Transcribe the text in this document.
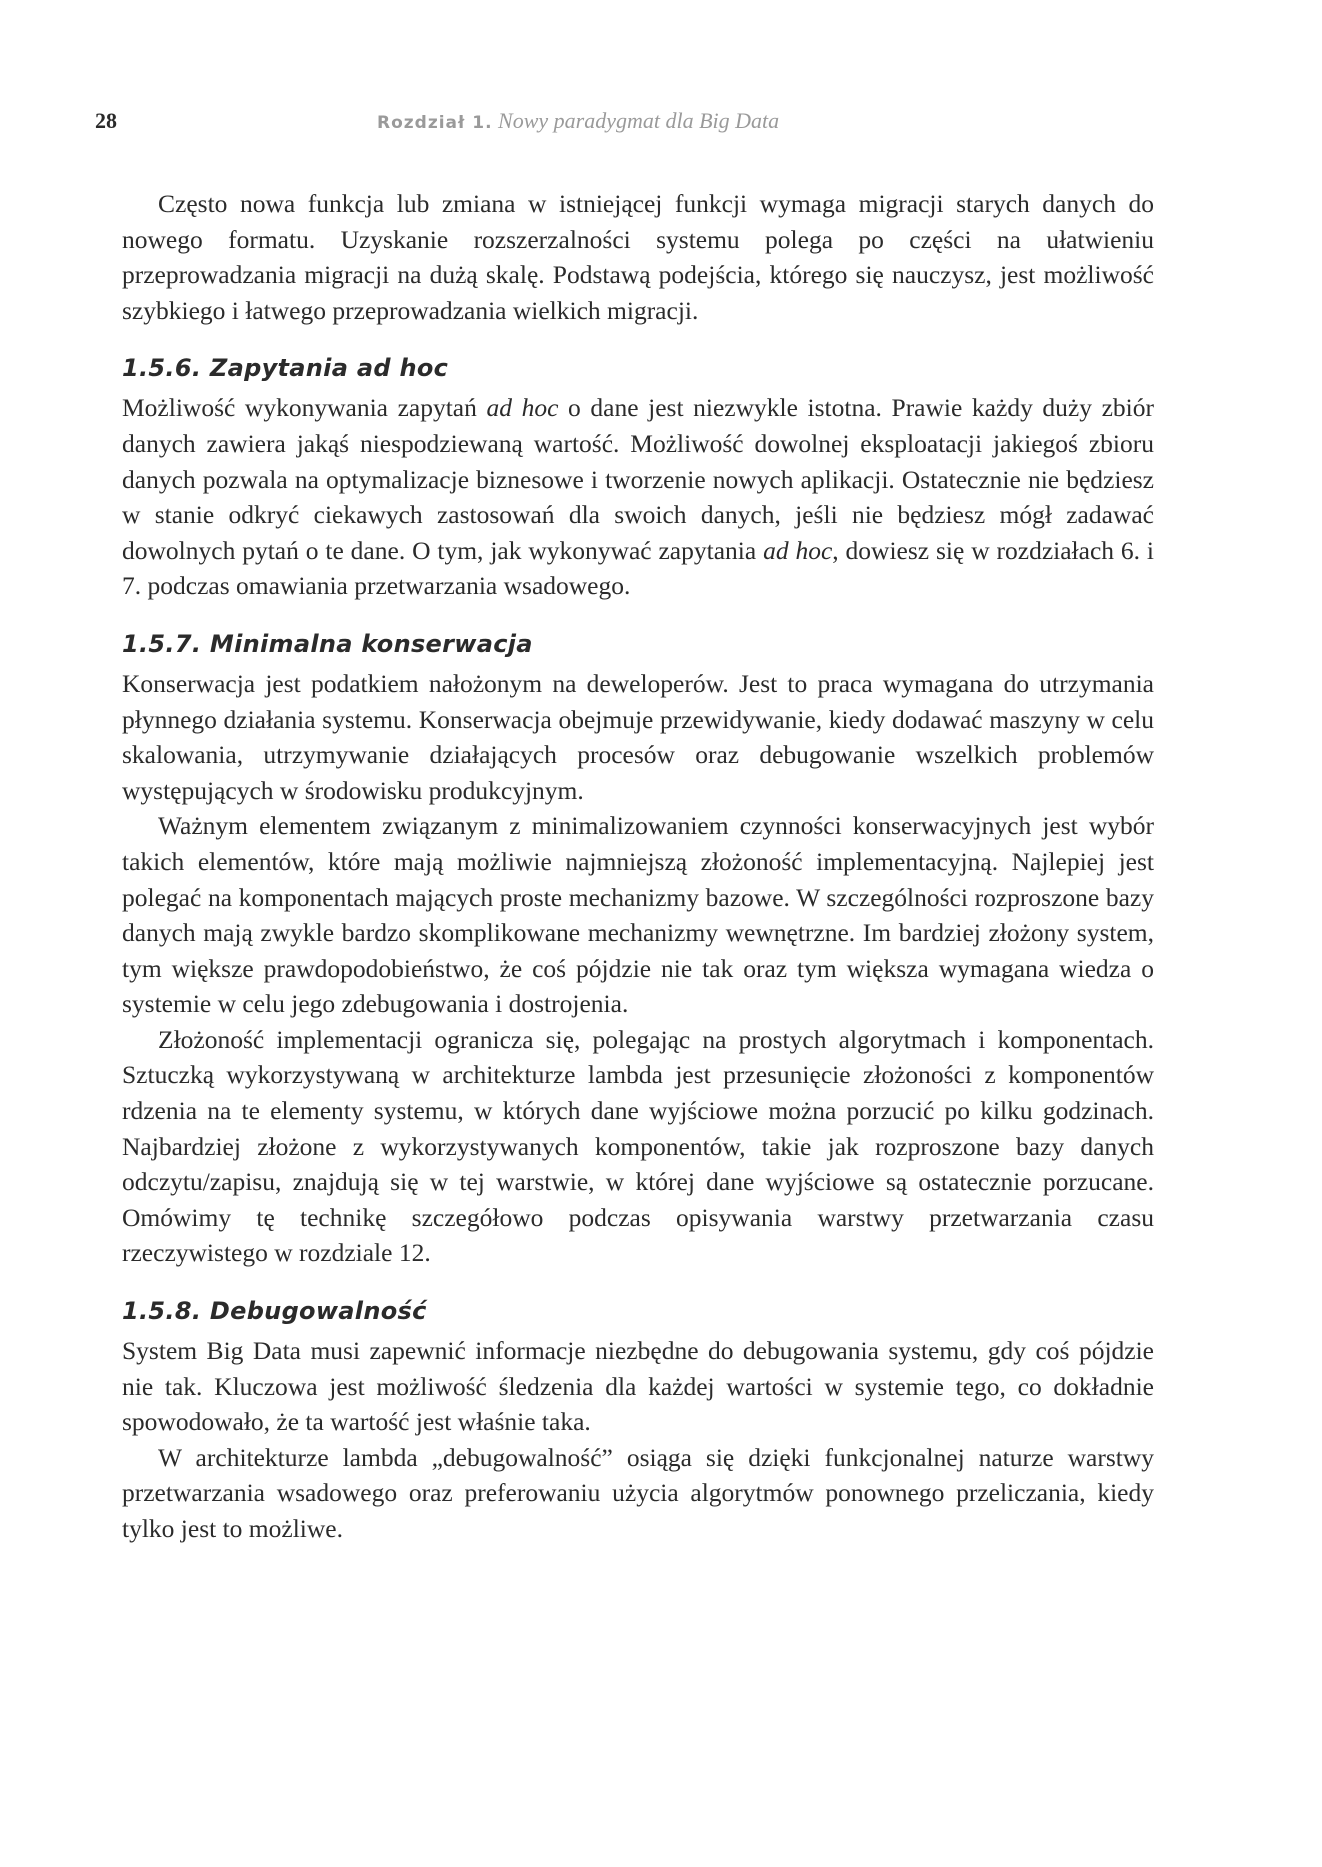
28	Rozdział 1. Nowy paradygmat dla Big Data

Często nowa funkcja lub zmiana w istniejącej funkcji wymaga migracji starych danych do nowego formatu. Uzyskanie rozszerzalności systemu polega po części na ułatwieniu przeprowadzania migracji na dużą skalę. Podstawą podejścia, którego się nauczysz, jest możliwość szybkiego i łatwego przeprowadzania wielkich migracji.

1.5.6. Zapytania ad hoc

Możliwość wykonywania zapytań ad hoc o dane jest niezwykle istotna. Prawie każdy duży zbiór danych zawiera jakąś niespodziewaną wartość. Możliwość dowolnej eksploatacji jakiegoś zbioru danych pozwala na optymalizacje biznesowe i tworzenie nowych aplikacji. Ostatecznie nie będziesz w stanie odkryć ciekawych zastosowań dla swoich danych, jeśli nie będziesz mógł zadawać dowolnych pytań o te dane. O tym, jak wykonywać zapytania ad hoc, dowiesz się w rozdziałach 6. i 7. podczas omawiania przetwarzania wsadowego.

1.5.7. Minimalna konserwacja

Konserwacja jest podatkiem nałożonym na deweloperów. Jest to praca wymagana do utrzymania płynnego działania systemu. Konserwacja obejmuje przewidywanie, kiedy dodawać maszyny w celu skalowania, utrzymywanie działających procesów oraz debugowanie wszelkich problemów występujących w środowisku produkcyjnym.

Ważnym elementem związanym z minimalizowaniem czynności konserwacyjnych jest wybór takich elementów, które mają możliwie najmniejszą złożoność implementacyjną. Najlepiej jest polegać na komponentach mających proste mechanizmy bazowe. W szczególności rozproszone bazy danych mają zwykle bardzo skomplikowane mechanizmy wewnętrzne. Im bardziej złożony system, tym większe prawdopodobieństwo, że coś pójdzie nie tak oraz tym większa wymagana wiedza o systemie w celu jego zdebugowania i dostrojenia.

Złożoność implementacji ogranicza się, polegając na prostych algorytmach i komponentach. Sztuczką wykorzystywaną w architekturze lambda jest przesunięcie złożoności z komponentów rdzenia na te elementy systemu, w których dane wyjściowe można porzucić po kilku godzinach. Najbardziej złożone z wykorzystywanych komponentów, takie jak rozproszone bazy danych odczytu/zapisu, znajdują się w tej warstwie, w której dane wyjściowe są ostatecznie porzucane. Omówimy tę technikę szczegółowo podczas opisywania warstwy przetwarzania czasu rzeczywistego w rozdziale 12.

1.5.8. Debugowalność

System Big Data musi zapewnić informacje niezbędne do debugowania systemu, gdy coś pójdzie nie tak. Kluczowa jest możliwość śledzenia dla każdej wartości w systemie tego, co dokładnie spowodowało, że ta wartość jest właśnie taka.

W architekturze lambda „debugowalność” osiąga się dzięki funkcjonalnej naturze warstwy przetwarzania wsadowego oraz preferowaniu użycia algorytmów ponownego przeliczania, kiedy tylko jest to możliwe.
